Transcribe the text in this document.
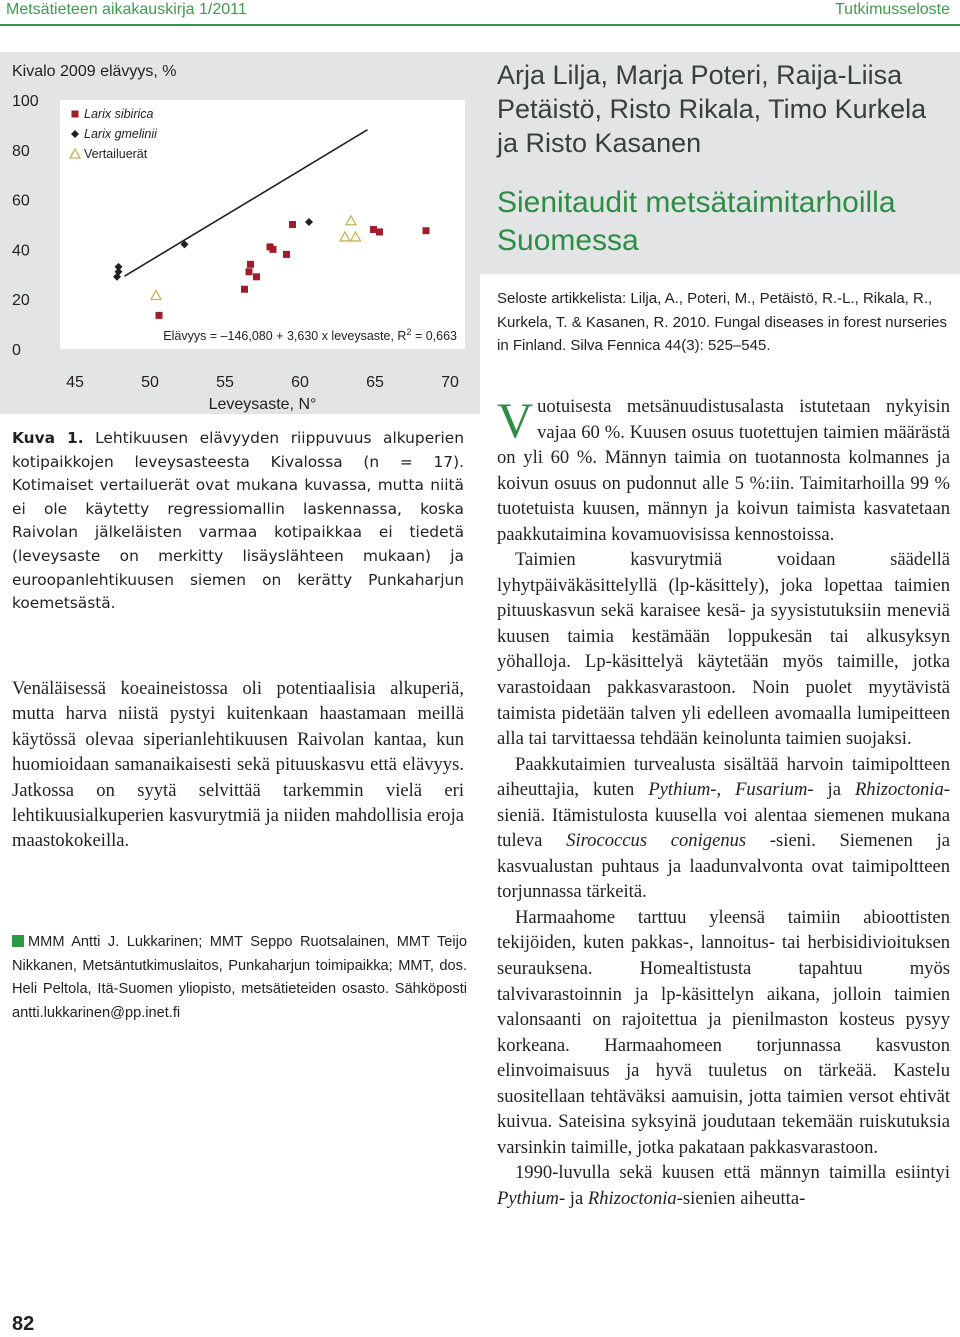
Metsätieteen aikakauskirja 1/2011	Tutkimusseloste
Kivalo 2009 elävyys, %
100
80
60
40
20
0
45	50	55	60	65	70
Leveysaste, N°
Elävyys = –146,080 + 3,630 x leveysaste, $R^2 = 0,663$
Larix sibirica
Larix gmelinii
Vertailuerät
Kuva 1. Lehtikuusen elävyyden riippuvuus alkuperien kotipaikkojen leveysasteesta Kivalossa (n = 17). Kotimaiset vertailuerät ovat mukana kuvassa, mutta niitä ei ole käytetty regressiomallin laskennassa, koska Raivolan jälkeläisten varmaa kotipaikkaa ei tiedetä (leveysaste on merkitty lisäyslähteen mukaan) ja euroopanlehtikuusen siemen on kerätty Punkaharjun koemetsästä.

Venäläisessä koeaineistossa oli potentiaalisia alkuperiä, mutta harva niistä pystyi kuitenkaan haastamaan meillä käytössä olevaa siperianlehtikuusen Raivolan kantaa, kun huomioidaan samanaikaisesti sekä pituuskasvu että elävyys. Jatkossa on syytä selvittää tarkemmin vielä eri lehtikuusialkuperien kasvurytmiä ja niiden mahdollisia eroja maastokokeilla.

MMM Antti J. Lukkarinen; MMT Seppo Ruotsalainen, MMT Teijo Nikkanen, Metsäntutkimuslaitos, Punkaharjun toimipaikka; MMT, dos. Heli Peltola, Itä-Suomen yliopisto, metsätieteiden osasto. Sähköposti antti.lukkarinen@pp.inet.fi
82
Arja Lilja, Marja Poteri, Raija-Liisa Petäistö, Risto Rikala, Timo Kurkela ja Risto Kasanen
Sienitaudit metsätaimitarhoilla Suomessa
Seloste artikkelista: Lilja, A., Poteri, M., Petäistö, R.-L., Rikala, R., Kurkela, T. & Kasanen, R. 2010. Fungal diseases in forest nurseries in Finland. Silva Fennica 44(3): 525–545.

Vuotuisesta metsänuudistusalasta istutetaan nykyisin vajaa 60 %. Kuusen osuus tuotettujen taimien määrästä on yli 60 %. Männyn taimia on tuotannosta kolmannes ja koivun osuus on pudonnut alle 5 %:iin. Taimitarhoilla 99 % tuotetuista kuusen, männyn ja koivun taimista kasvatetaan paakkutaimina kovamuovisissa kennostoissa.

Taimien kasvurytmiä voidaan säädellä lyhytpäiväkäsittelyllä (lp-käsittely), joka lopettaa taimien pituuskasvun sekä karaisee kesä- ja syysistutuksiin meneviä kuusen taimia kestämään loppukesän tai alkusyksyn yöhalloja. Lp-käsittelyä käytetään myös taimille, jotka varastoidaan pakkasvarastoon. Noin puolet myytävistä taimista pidetään talven yli edelleen avomaalla lumipeitteen alla tai tarvittaessa tehdään keinolunta taimien suojaksi.

Paakkutaimien turvealusta sisältää harvoin taimipoltteen aiheuttajia, kuten Pythium-, Fusarium- ja Rhizoctonia-sieniä. Itämistulosta kuusella voi alentaa siemenen mukana tuleva Sirococcus conigenus -sieni. Siemenen ja kasvualustan puhtaus ja laadunvalvonta ovat taimipoltteen torjunnassa tärkeitä.

Harmaahome tarttuu yleensä taimiin abioottisten tekijöiden, kuten pakkas-, lannoitus- tai herbisidivioituksen seurauksena. Homealtistusta tapahtuu myös talvivarastoinnin ja lp-käsittelyn aikana, jolloin taimien valonsaanti on rajoitettua ja pienilmaston kosteus pysyy korkeana. Harmaahomeen torjunnassa kasvuston elinvoimaisuus ja hyvä tuuletus on tärkeää. Kastelu suositellaan tehtäväksi aamuisin, jotta taimien versot ehtivät kuivua. Sateisina syksyinä joudutaan tekemään ruiskutuksia varsinkin taimille, jotka pakataan pakkasvarastoon.

1990-luvulla sekä kuusen että männyn taimilla esiintyi Pythium- ja Rhizoctonia-sienien aiheutta-
